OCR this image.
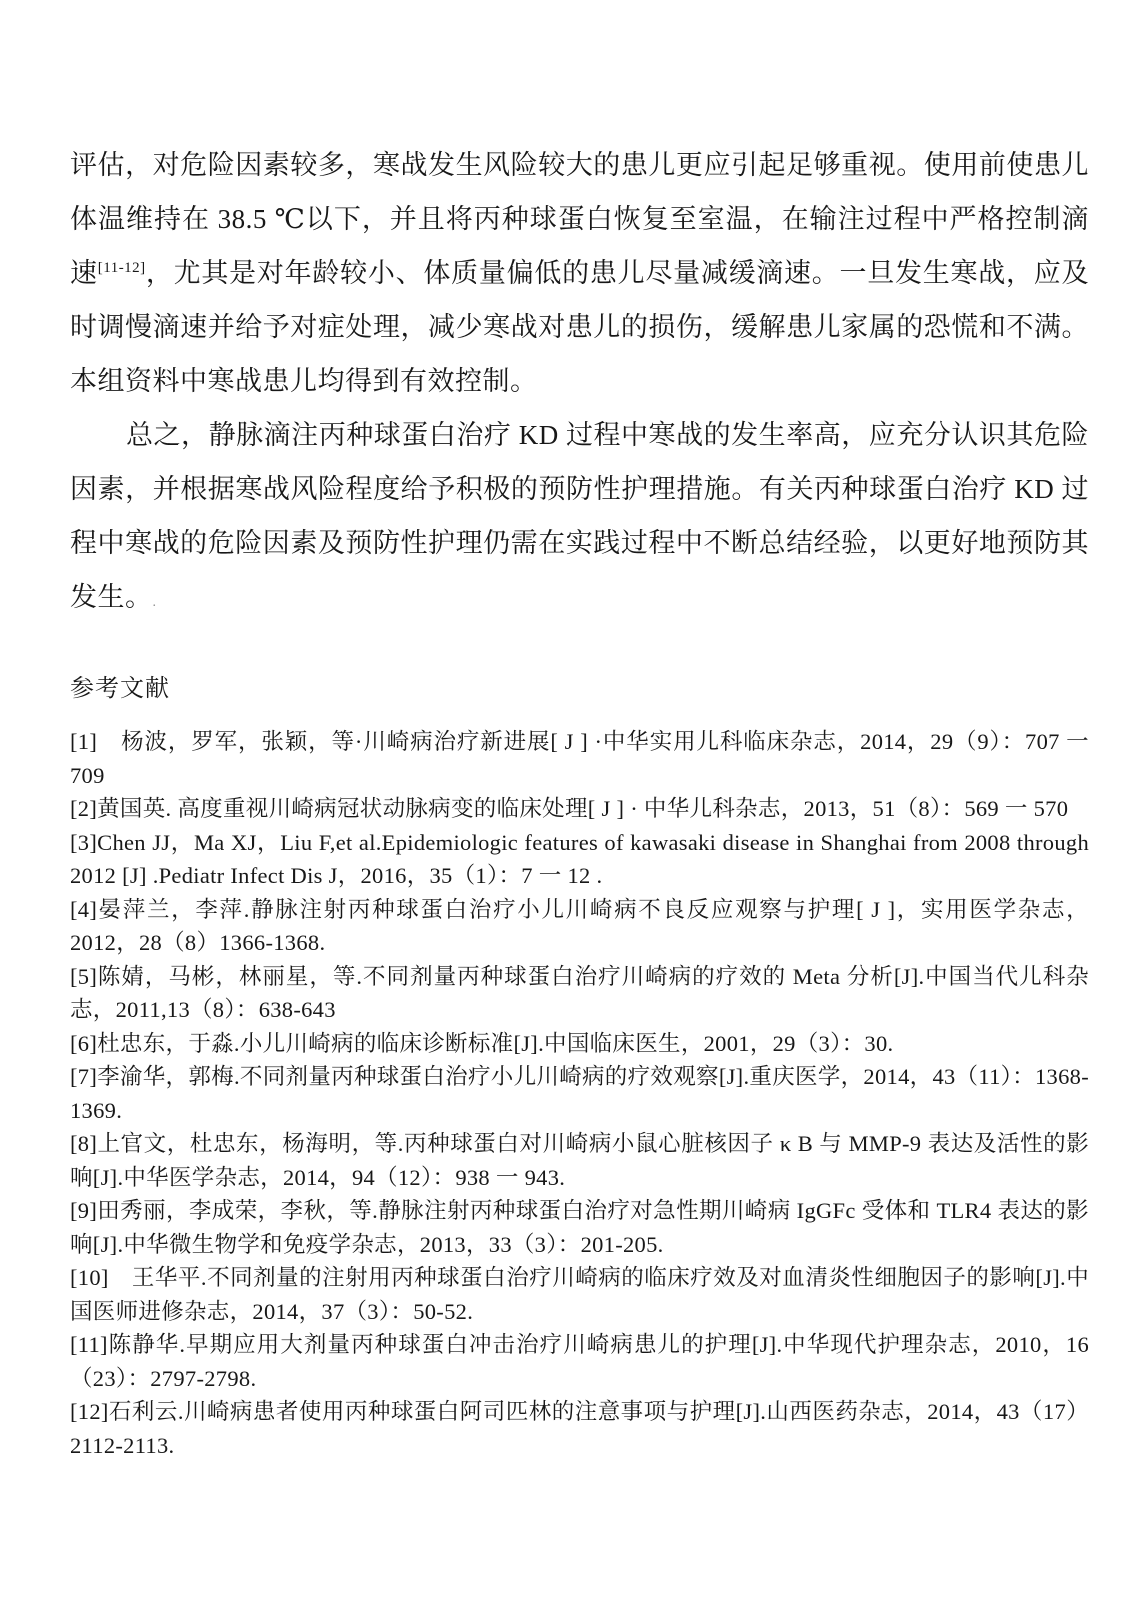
评估，对危险因素较多，寒战发生风险较大的患儿更应引起足够重视。使用前使患儿体温维持在 38.5 ℃以下，并且将丙种球蛋白恢复至室温，在输注过程中严格控制滴速[11-12]，尤其是对年龄较小、体质量偏低的患儿尽量减缓滴速。一旦发生寒战，应及时调慢滴速并给予对症处理，减少寒战对患儿的损伤，缓解患儿家属的恐慌和不满。本组资料中寒战患儿均得到有效控制。

总之，静脉滴注丙种球蛋白治疗 KD 过程中寒战的发生率高，应充分认识其危险因素，并根据寒战风险程度给予积极的预防性护理措施。有关丙种球蛋白治疗 KD 过程中寒战的危险因素及预防性护理仍需在实践过程中不断总结经验，以更好地预防其发生。.

参考文献

[1]　杨波，罗军，张颖，等·川崎病治疗新进展[ J ] ·中华实用儿科临床杂志，2014，29（9）：707 一 709

[2]黄国英. 高度重视川崎病冠状动脉病变的临床处理[ J ] · 中华儿科杂志，2013，51（8）：569 一 570

[3]Chen JJ，Ma XJ，Liu F,et al.Epidemiologic features of kawasaki disease in Shanghai from 2008 through 2012 [J] .Pediatr Infect Dis J，2016，35（1）：7 一 12 .

[4]晏萍兰，李萍.静脉注射丙种球蛋白治疗小儿川崎病不良反应观察与护理[ J ]，实用医学杂志，2012，28（8）1366-1368.

[5]陈婧，马彬，林丽星，等.不同剂量丙种球蛋白治疗川崎病的疗效的 Meta 分析[J].中国当代儿科杂志，2011,13（8）：638-643

[6]杜忠东，于淼.小儿川崎病的临床诊断标准[J].中国临床医生，2001，29（3）：30.

[7]李渝华，郭梅.不同剂量丙种球蛋白治疗小儿川崎病的疗效观察[J].重庆医学，2014，43（11）：1368-1369.

[8]上官文，杜忠东，杨海明，等.丙种球蛋白对川崎病小鼠心脏核因子 κ B 与 MMP-9 表达及活性的影响[J].中华医学杂志，2014，94（12）：938 一 943.

[9]田秀丽，李成荣，李秋，等.静脉注射丙种球蛋白治疗对急性期川崎病 IgGFc 受体和 TLR4 表达的影响[J].中华微生物学和免疫学杂志，2013，33（3）：201-205.

[10]　王华平.不同剂量的注射用丙种球蛋白治疗川崎病的临床疗效及对血清炎性细胞因子的影响[J].中国医师进修杂志，2014，37（3）：50-52.

[11]陈静华.早期应用大剂量丙种球蛋白冲击治疗川崎病患儿的护理[J].中华现代护理杂志，2010，16（23）：2797-2798.

[12]石利云.川崎病患者使用丙种球蛋白阿司匹林的注意事项与护理[J].山西医药杂志，2014，43（17）2112-2113.
